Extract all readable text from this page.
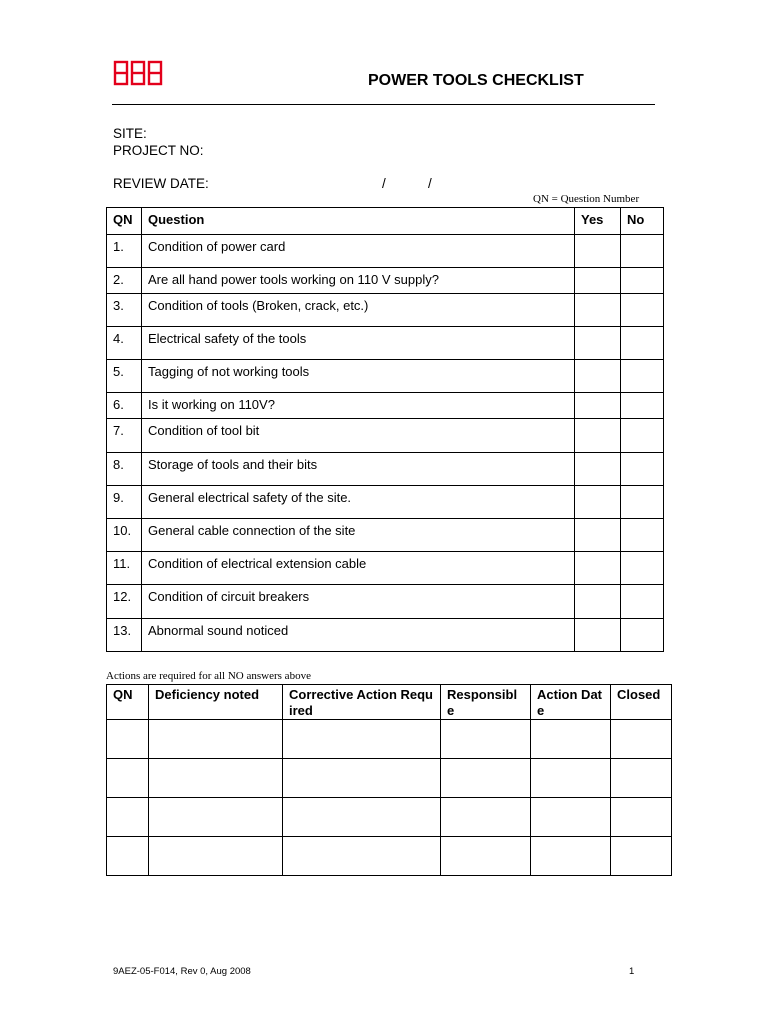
POWER TOOLS CHECKLIST
SITE:
PROJECT NO:
REVIEW DATE:	/	/
QN = Question Number
QN	Question	Yes	No
1.	Condition of power card		
2.	Are all hand power tools working on 110 V supply?		
3.	Condition of tools (Broken, crack, etc.)		
4.	Electrical safety of the tools		
5.	Tagging of not working tools		
6.	Is it working on 110V?		
7.	Condition of tool bit		
8.	Storage of tools and their bits		
9.	General electrical safety of the site.		
10.	General cable connection of the site		
11.	Condition of electrical extension cable		
12.	Condition of circuit breakers		
13.	Abnormal sound noticed		
Actions are required for all NO answers above
QN	Deficiency noted	Corrective Action Required	Responsible	Action Date	Closed

9AEZ-05-F014, Rev 0, Aug 2008	1
